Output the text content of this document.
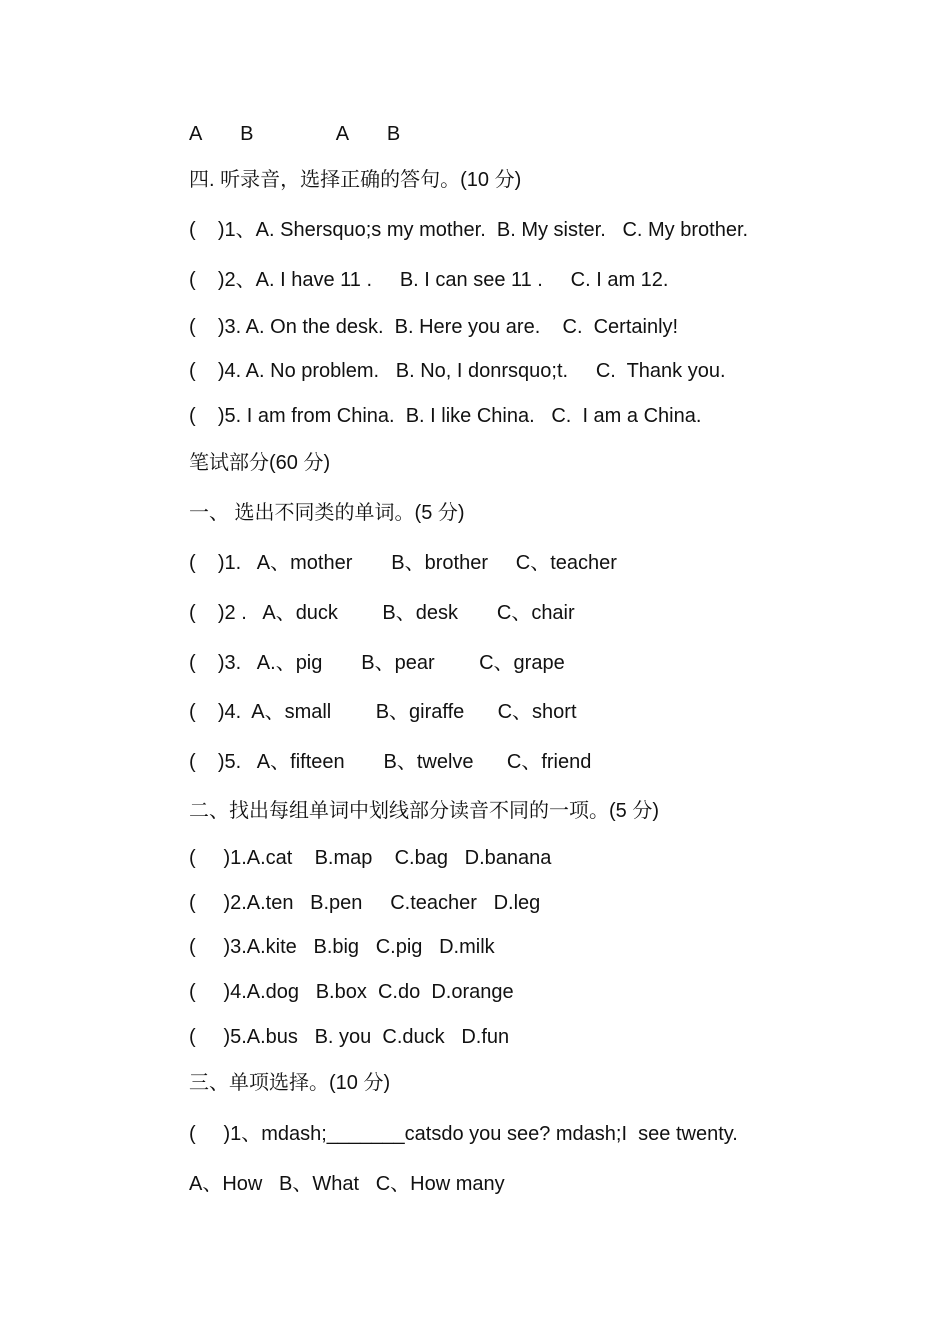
A       B               A       B

四. 听录音，选择正确的答句。(10 分)

(    )1、A. Shersquo;s my mother.  B. My sister.   C. My brother.

(    )2、A. I have 11 .     B. I can see 11 .     C. I am 12.

(    )3. A. On the desk.  B. Here you are.    C.  Certainly!

(    )4. A. No problem.   B. No, I donrsquo;t.     C.  Thank you.

(    )5. I am from China.  B. I like China.   C.  I am a China.

笔试部分(60 分)

一、 选出不同类的单词。(5 分)

(    )1.   A、mother       B、brother     C、teacher

(    )2 .   A、duck        B、desk       C、chair

(    )3.   A.、pig       B、pear        C、grape

(    )4.  A、small        B、giraffe      C、short

(    )5.   A、fifteen       B、twelve      C、friend

二、找出每组单词中划线部分读音不同的一项。(5 分)

(     )1.A.cat    B.map    C.bag   D.banana

(     )2.A.ten   B.pen     C.teacher   D.leg

(     )3.A.kite   B.big   C.pig   D.milk

(     )4.A.dog   B.box  C.do  D.orange

(     )5.A.bus   B. you  C.duck   D.fun

三、单项选择。(10 分)

(     )1、mdash;_______catsdo you see? mdash;I  see twenty.

A、How   B、What   C、How many
